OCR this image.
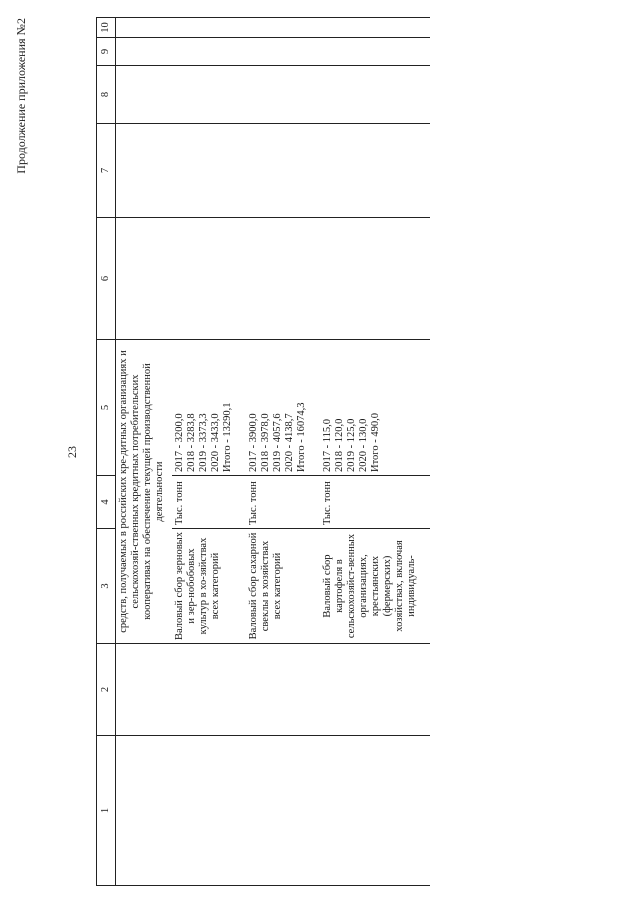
23
Продолжение приложения №2
1	2	3	4	5	6	7	8	9	10
		средств, получаемых в российских кре-дитных организациях и сельскохозяй-ственных кредитных потребительских кооперативах на обеспечение текущей производственной деятельности							
		Валовый сбор зерновых и зер-нобобовых культур в хо-зяйствах всех категорий	Тыс. тонн	2017 - 3200,0 2018 - 3283,8 2019 - 3373,3 2020 - 3433,0 Итого - 13290,1					

		Валовый сбор сахарной свеклы в хозяйствах всех категорий	Тыс. тонн	2017 - 3900,0 2018 - 3978,0 2019 - 4057,6 2020 - 4138,7 Итого - 16074,3					

		Валовый сбор картофеля в сельскохозяйст-венных организациях, крестьянских (фермерских) хозяйствах, включая индивидуаль-	Тыс. тонн	2017 - 115,0 2018 - 120,0 2019 - 125,0 2020 - 130,0 Итого - 490,0					
